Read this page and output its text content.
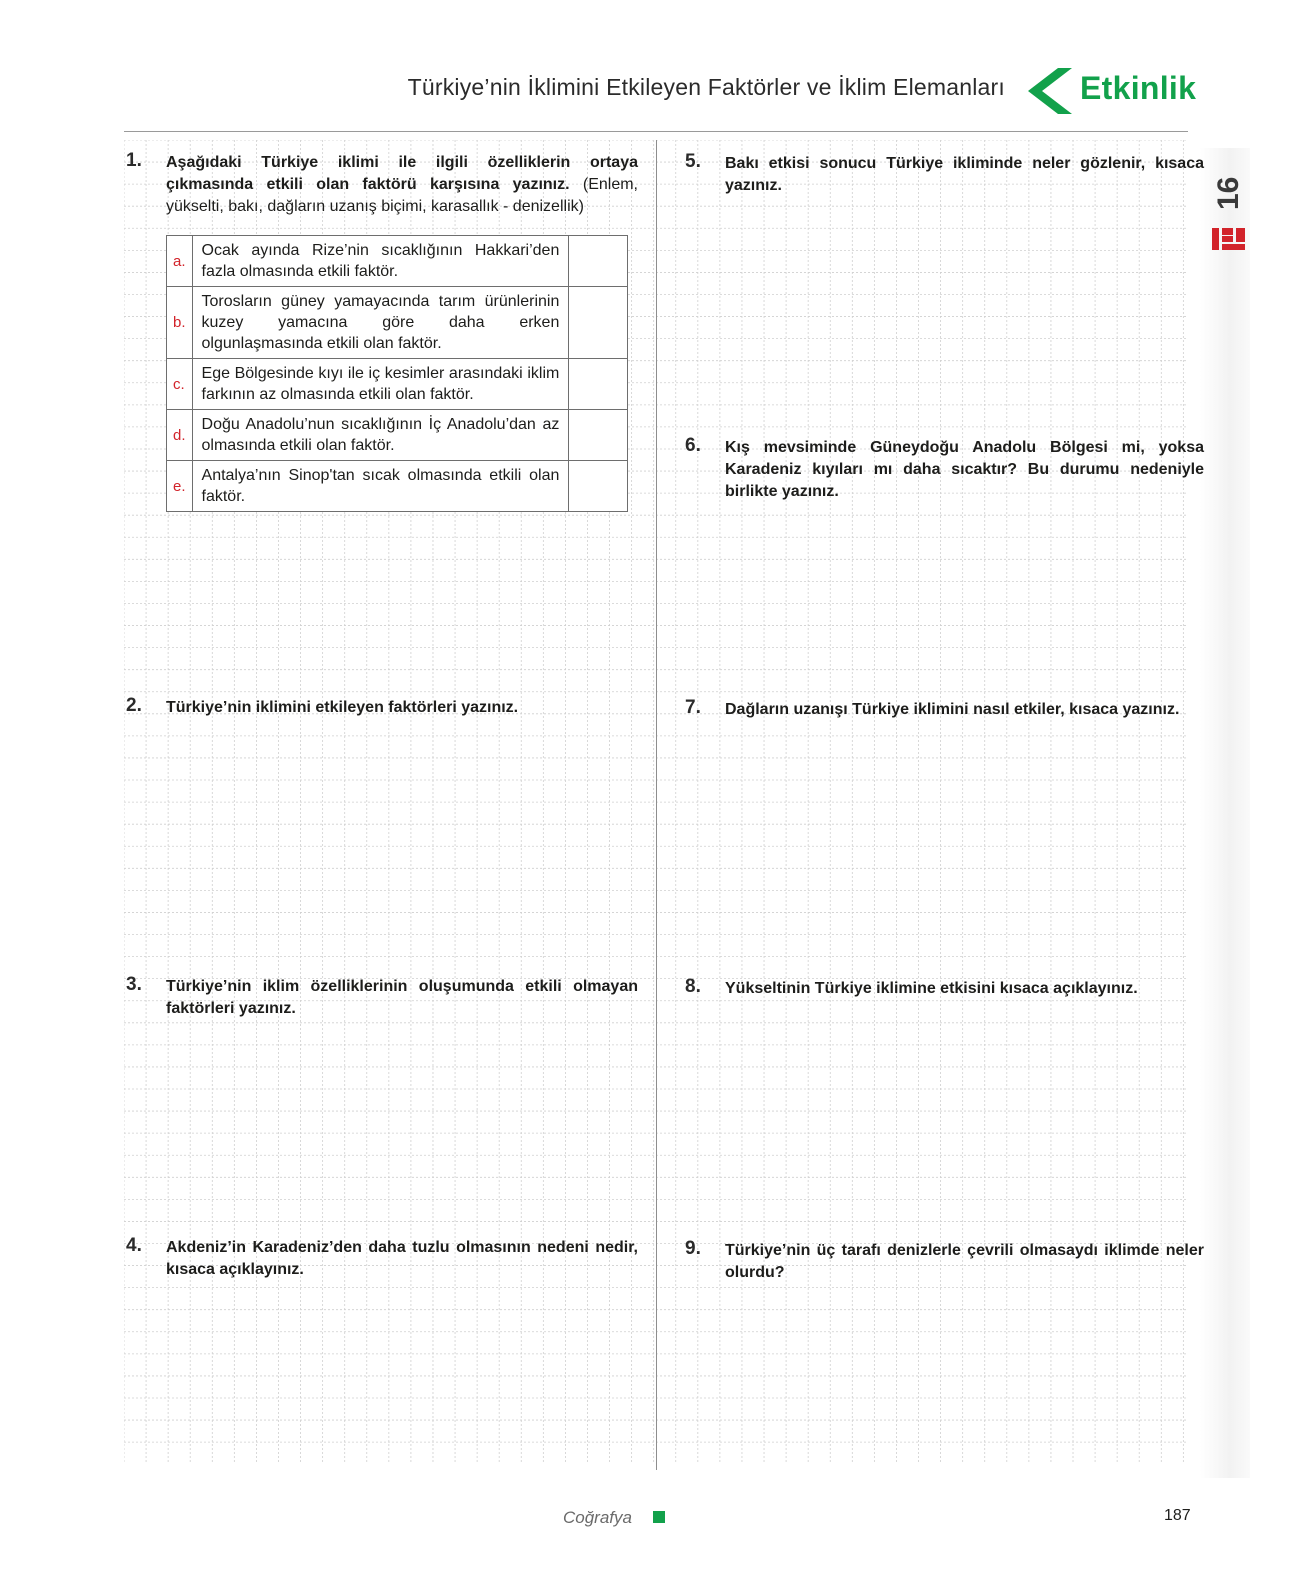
Türkiye’nin İklimini Etkileyen Faktörler ve İklim Elemanları Etkinlik
16
1. Aşağıdaki Türkiye iklimi ile ilgili özelliklerin ortaya çıkmasında etkili olan faktörü karşısına yazınız. (Enlem, yükselti, bakı, dağların uzanış biçimi, karasallık - denizellik)
a.	Ocak ayında Rize’nin sıcaklığının Hakkari’den fazla olmasında etkili faktör.	
b.	Torosların güney yamayacında tarım ürünlerinin kuzey yamacına göre daha erken olgunlaşmasında etkili olan faktör.	
c.	Ege Bölgesinde kıyı ile iç kesimler arasındaki iklim farkının az olmasında etkili olan faktör.	
d.	Doğu Anadolu’nun sıcaklığının İç Anadolu’dan az olmasında etkili olan faktör.	
e.	Antalya’nın Sinop'tan sıcak olmasında etkili olan faktör.	
2. Türkiye’nin iklimini etkileyen faktörleri yazınız.
3. Türkiye’nin iklim özelliklerinin oluşumunda etkili olmayan faktörleri yazınız.
4. Akdeniz’in Karadeniz’den daha tuzlu olmasının nedeni nedir, kısaca açıklayınız.
5. Bakı etkisi sonucu Türkiye ikliminde neler gözlenir, kısaca yazınız.
6. Kış mevsiminde Güneydoğu Anadolu Bölgesi mi, yoksa Karadeniz kıyıları mı daha sıcaktır? Bu durumu nedeniyle birlikte yazınız.
7. Dağların uzanışı Türkiye iklimini nasıl etkiler, kısaca yazınız.
8. Yükseltinin Türkiye iklimine etkisini kısaca açıklayınız.
9. Türkiye’nin üç tarafı denizlerle çevrili olmasaydı iklimde neler olurdu?
Coğrafya	187
